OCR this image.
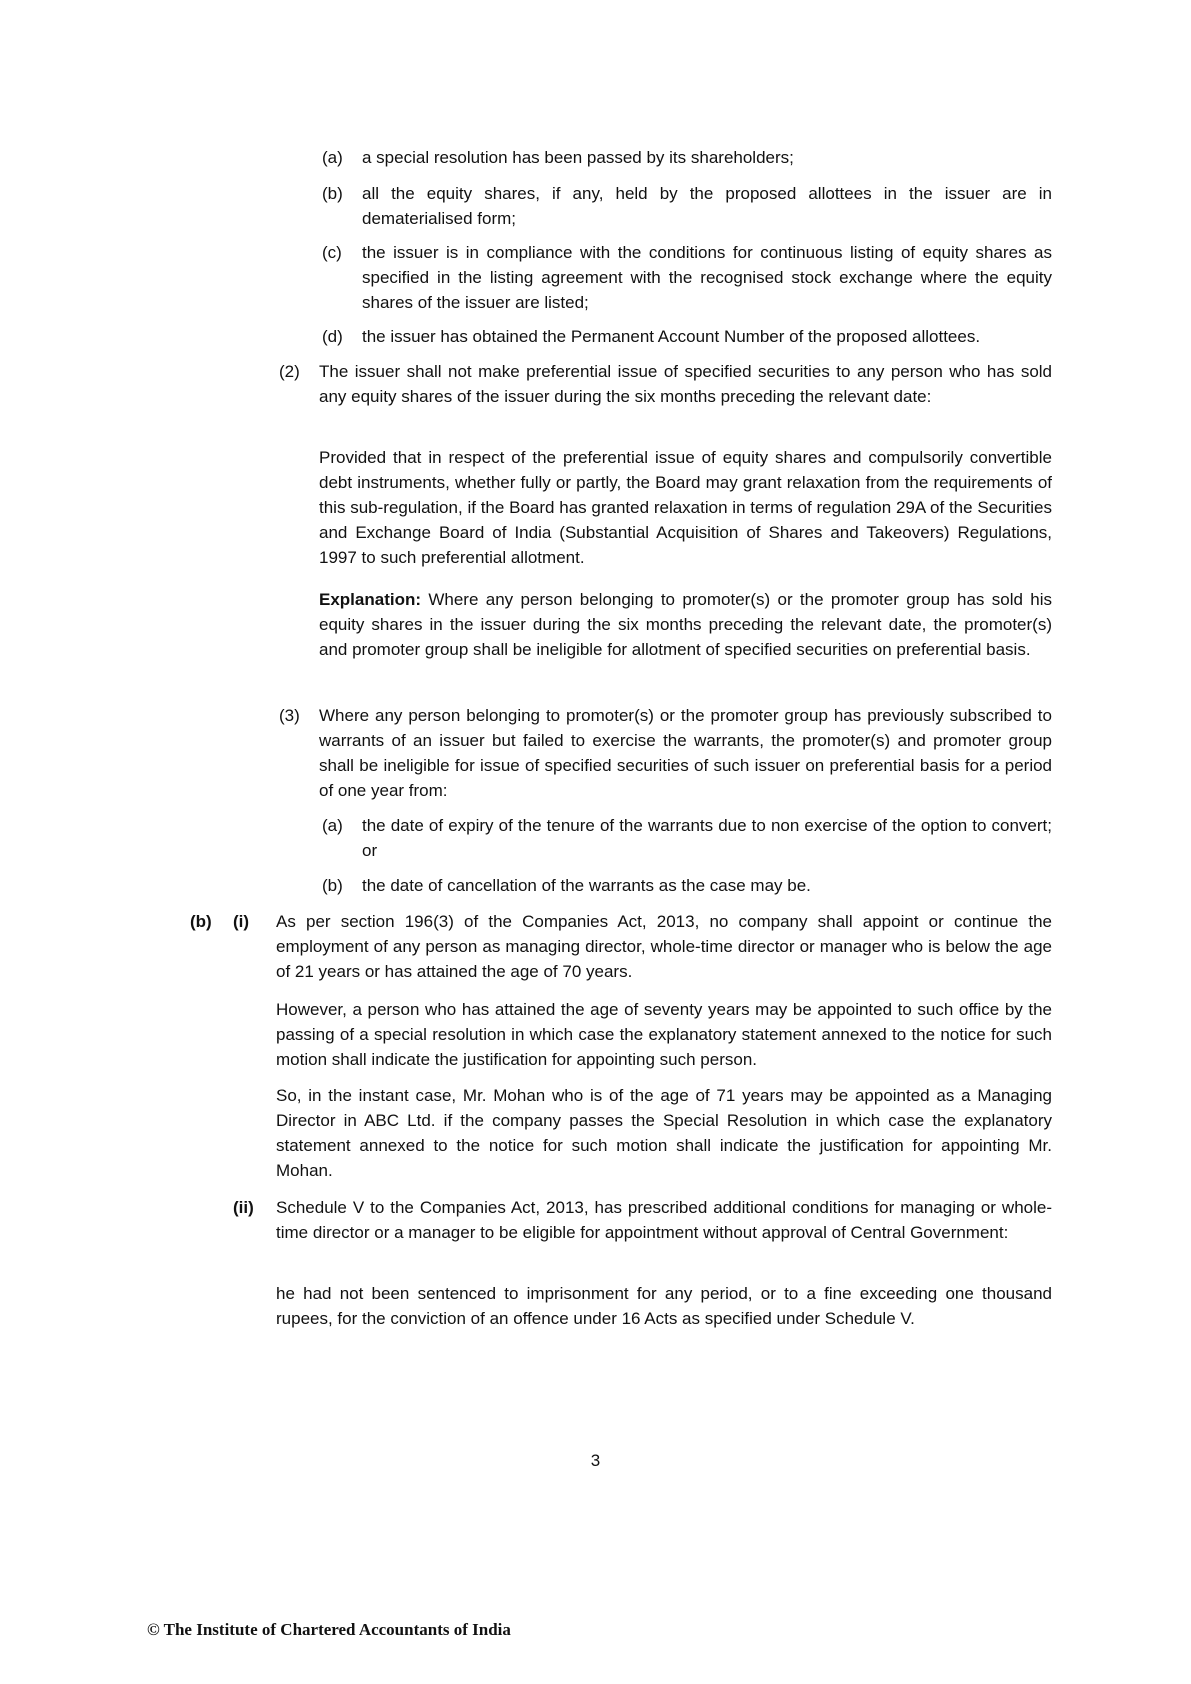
(a) a special resolution has been passed by its shareholders;

(b) all the equity shares, if any, held by the proposed allottees in the issuer are in dematerialised form;

(c) the issuer is in compliance with the conditions for continuous listing of equity shares as specified in the listing agreement with the recognised stock exchange where the equity shares of the issuer are listed;

(d) the issuer has obtained the Permanent Account Number of the proposed allottees.

(2) The issuer shall not make preferential issue of specified securities to any person who has sold any equity shares of the issuer during the six months preceding the relevant date:

Provided that in respect of the preferential issue of equity shares and compulsorily convertible debt instruments, whether fully or partly, the Board may grant relaxation from the requirements of this sub-regulation, if the Board has granted relaxation in terms of regulation 29A of the Securities and Exchange Board of India (Substantial Acquisition of Shares and Takeovers) Regulations, 1997 to such preferential allotment.

Explanation: Where any person belonging to promoter(s) or the promoter group has sold his equity shares in the issuer during the six months preceding the relevant date, the promoter(s) and promoter group shall be ineligible for allotment of specified securities on preferential basis.

(3) Where any person belonging to promoter(s) or the promoter group has previously subscribed to warrants of an issuer but failed to exercise the warrants, the promoter(s) and promoter group shall be ineligible for issue of specified securities of such issuer on preferential basis for a period of one year from:

(a) the date of expiry of the tenure of the warrants due to non exercise of the option to convert; or

(b) the date of cancellation of the warrants as the case may be.

(b) (i) As per section 196(3) of the Companies Act, 2013, no company shall appoint or continue the employment of any person as managing director, whole-time director or manager who is below the age of 21 years or has attained the age of 70 years.

However, a person who has attained the age of seventy years may be appointed to such office by the passing of a special resolution in which case the explanatory statement annexed to the notice for such motion shall indicate the justification for appointing such person.

So, in the instant case, Mr. Mohan who is of the age of 71 years may be appointed as a Managing Director in ABC Ltd. if the company passes the Special Resolution in which case the explanatory statement annexed to the notice for such motion shall indicate the justification for appointing Mr. Mohan.

(ii) Schedule V to the Companies Act, 2013, has prescribed additional conditions for managing or whole-time director or a manager to be eligible for appointment without approval of Central Government:

he had not been sentenced to imprisonment for any period, or to a fine exceeding one thousand rupees, for the conviction of an offence under 16 Acts as specified under Schedule V.

3
© The Institute of Chartered Accountants of India
